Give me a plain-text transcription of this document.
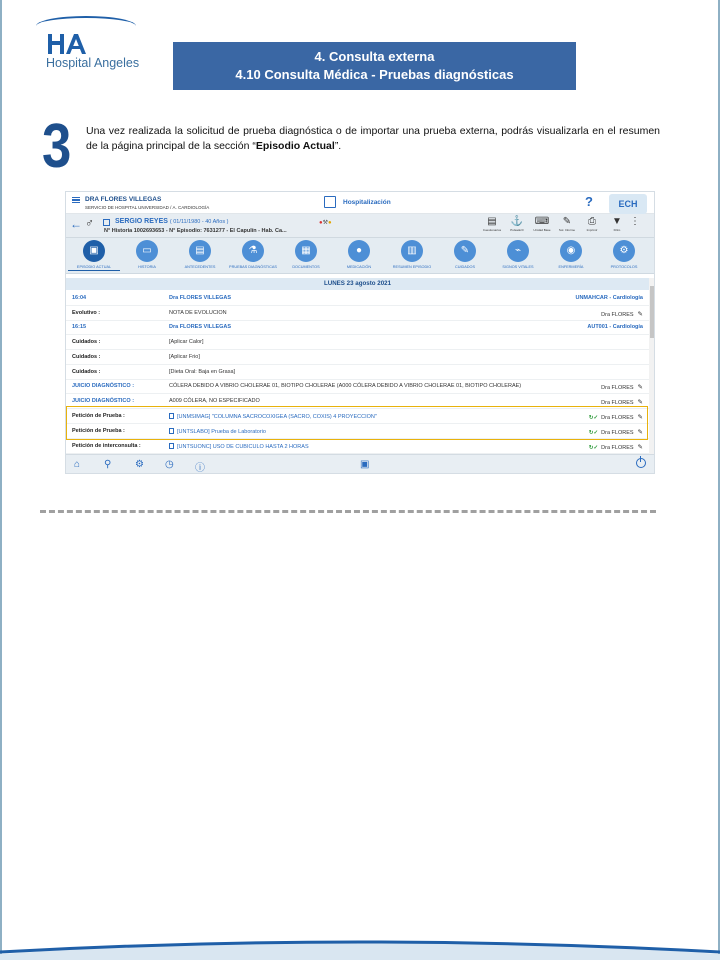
Hospital Angeles	4. Consulta externa
4.10 Consulta Médica - Pruebas diagnósticas
3 Una vez realizada la solicitud de prueba diagnóstica o de importar una prueba externa, podrás visualizarla en el resumen de la página principal de la sección “Episodio Actual”.
DRA FLORES VILLEGAS
SERVICIO DE HOSPITAL UNIVERSIDAD / A. CARDIOLOGÍA
Hospitalización	?	ECH
← ♂	SERGIO REYES ( 01/11/1980 - 40 Años )
N° Historia 1002693653 - N° Episodio: 7631277 - El Capulín - Hab. Ca...
●⚒●	▤
Cuestionarios
⚓
Pulsado/Ir
⌨
Unidad Base
✎
Sol. Informe
⎙
Imprimir
▼
Filtro
⋮
▣
EPISODIO ACTUAL
▭
HISTORIA
▤
ANTECEDENTES
⚗
PRUEBAS DIAGNÓSTICAS
▦
DOCUMENTOS
●
MEDICACIÓN
▥
RESUMEN EPISODIO
✎
CUIDADOS
⌁
SIGNOS VITALES
◉
ENFERMERÍA
⚙
PROTOCOLOS
LUNES 23 agosto 2021
16:04	Dra FLORES VILLEGAS	UNMAHCAR - Cardiología
Evolutivo :	NOTA DE EVOLUCION	Dra FLORES ✎
16:15	Dra FLORES VILLEGAS	AUT001 - Cardiología
Cuidados :	[Aplicar Calor]
Cuidados :	[Aplicar Frio]
Cuidados :	[Dieta Oral: Baja en Grasa]
JUICIO DIAGNÓSTICO :	CÓLERA DEBIDO A VIBRIO CHOLERAE 01, BIOTIPO CHOLERAE (A000 CÓLERA DEBIDO A VIBRIO CHOLERAE 01, BIOTIPO CHOLERAE)	Dra FLORES ✎
JUICIO DIAGNÓSTICO :	A009 CÓLERA, NO ESPECIFICADO	Dra FLORES ✎
Petición de Prueba :	[UNMSIMAG] "COLUMNA SACROCOXIGEA (SACRO, COXIS) 4 PROYECCION"	↻✓ Dra FLORES ✎
Petición de Prueba :	[UNTSLABO] Prueba de Laboratorio	↻✓ Dra FLORES ✎
Petición de interconsulta :	[UNTSUONC] USO DE CUBICULO HASTA 2 HORAS	↻✓ Dra FLORES ✎
⌂ ⚲ ⚙ ◷ ⓘ	▣
